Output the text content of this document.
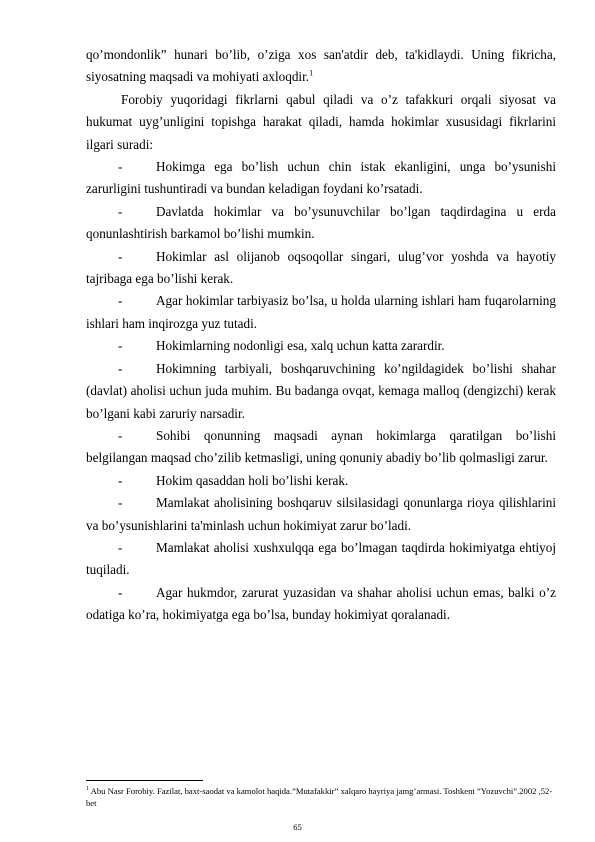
qo’mondonlik” hunari bo’lib, o’ziga xos san'atdir deb, ta'kidlaydi. Uning fikricha, siyosatning maqsadi va mohiyati axloqdir.$^1$

Forobiy yuqoridagi fikrlarni qabul qiladi va o’z tafakkuri orqali siyosat va hukumat uyg’unligini topishga harakat qiladi, hamda hokimlar xususidagi fikrlarini ilgari suradi:

-	Hokimga ega bo’lish uchun chin istak ekanligini, unga bo’ysunishi zarurligini tushuntiradi va bundan keladigan foydani ko’rsatadi.

-	Davlatda hokimlar va bo’ysunuvchilar bo’lgan taqdirdagina u erda qonunlashtirish barkamol bo’lishi mumkin.

-	Hokimlar asl olijanob oqsoqollar singari, ulug’vor yoshda va hayotiy tajribaga ega bo’lishi kerak.

-	Agar hokimlar tarbiyasiz bo’lsa, u holda ularning ishlari ham fuqarolarning ishlari ham inqirozga yuz tutadi.

-	Hokimlarning nodonligi esa, xalq uchun katta zarardir.

-	Hokimning tarbiyali, boshqaruvchining ko’ngildagidek bo’lishi shahar (davlat) aholisi uchun juda muhim. Bu badanga ovqat, kemaga malloq (dengizchi) kerak bo’lgani kabi zaruriy narsadir.

-	Sohibi qonunning maqsadi aynan hokimlarga qaratilgan bo’lishi belgilangan maqsad cho’zilib ketmasligi, uning qonuniy abadiy bo’lib qolmasligi zarur.

-	Hokim qasaddan holi bo’lishi kerak.

-	Mamlakat aholisining boshqaruv silsilasidagi qonunlarga rioya qilishlarini va bo’ysunishlarini ta'minlash uchun hokimiyat zarur bo’ladi.

-	Mamlakat aholisi xushxulqqa ega bo’lmagan taqdirda hokimiyatga ehtiyoj tuqiladi.

-	Agar hukmdor, zarurat yuzasidan va shahar aholisi uchun emas, balki o’z odatiga ko’ra, hokimiyatga ega bo’lsa, bunday hokimiyat qoralanadi.

$^1$ Abu Nasr Forobiy. Fazilat, baxt-saodat va kamolot haqida.”Mutafakkir” xalqaro hayriya jamg’armasi. Toshkent ”Yozuvchi”.2002 ,52-bet
65
